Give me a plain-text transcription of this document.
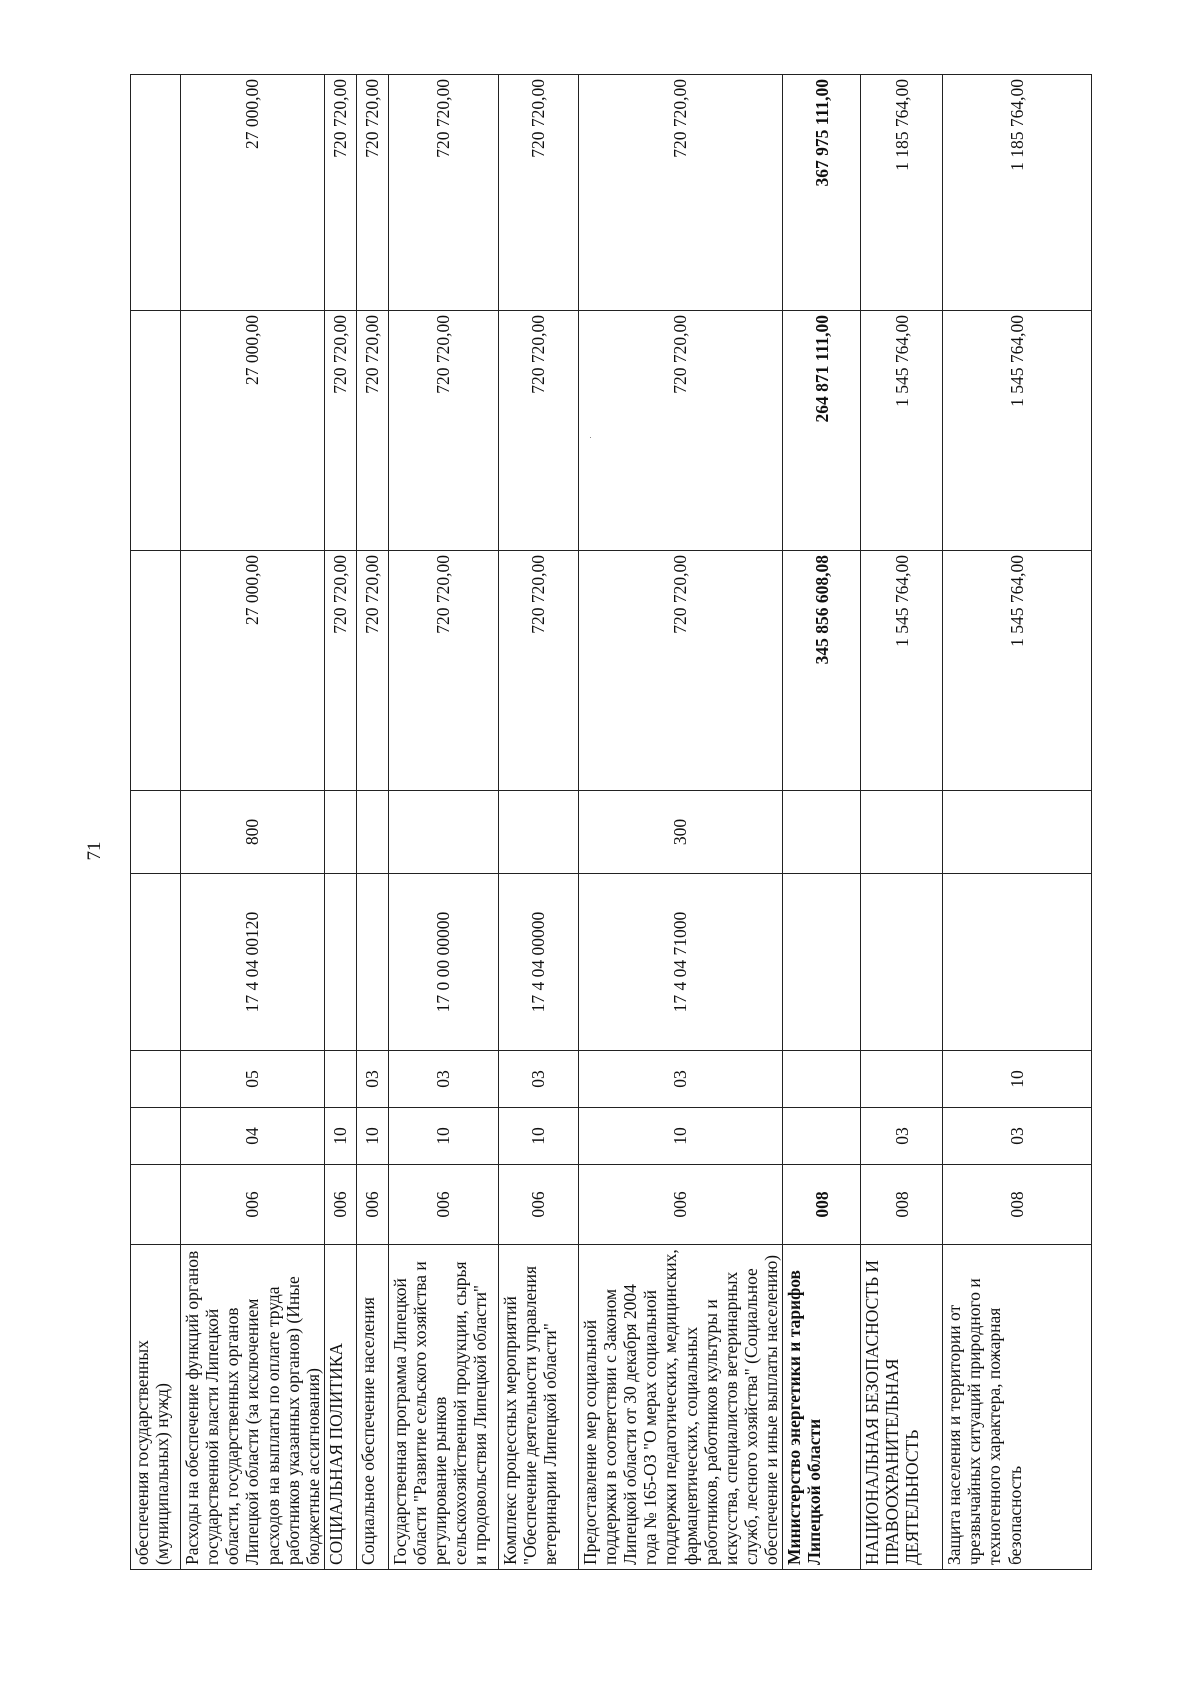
71
обеспечения государственных (муниципальных) нужд)								
Расходы на обеспечение функций органов государственной власти Липецкой области, государственных органов Липецкой области (за исключением расходов на выплаты по оплате труда работников указанных органов) (Иные бюджетные ассигнования)	006	04	05	17 4 04 00120	800	27 000,00	27 000,00	27 000,00
СОЦИАЛЬНАЯ ПОЛИТИКА	006	10				720 720,00	720 720,00	720 720,00
Социальное обеспечение населения	006	10	03			720 720,00	720 720,00	720 720,00
Государственная программа Липецкой области "Развитие сельского хозяйства и регулирование рынков сельскохозяйственной продукции, сырья и продовольствия Липецкой области"	006	10	03	17 0 00 00000		720 720,00	720 720,00	720 720,00
Комплекс процессных мероприятий "Обеспечение деятельности управления ветеринарии Липецкой области"	006	10	03	17 4 04 00000		720 720,00	720 720,00	720 720,00
Предоставление мер социальной поддержки в соответствии с Законом Липецкой области от 30 декабря 2004 года № 165-ОЗ "О мерах социальной поддержки педагогических, медицинских, фармацевтических, социальных работников, работников культуры и искусства, специалистов ветеринарных служб, лесного хозяйства" (Социальное обеспечение и иные выплаты населению)	006	10	03	17 4 04 71000	300	720 720,00	720 720,00	720 720,00
Министерство энергетики и тарифов Липецкой области	008					345 856 608,08	264 871 111,00	367 975 111,00
НАЦИОНАЛЬНАЯ БЕЗОПАСНОСТЬ И ПРАВООХРАНИТЕЛЬНАЯ ДЕЯТЕЛЬНОСТЬ	008	03				1 545 764,00	1 545 764,00	1 185 764,00
Защита населения и территории от чрезвычайных ситуаций природного и техногенного характера, пожарная безопасность	008	03	10			1 545 764,00	1 545 764,00	1 185 764,00
